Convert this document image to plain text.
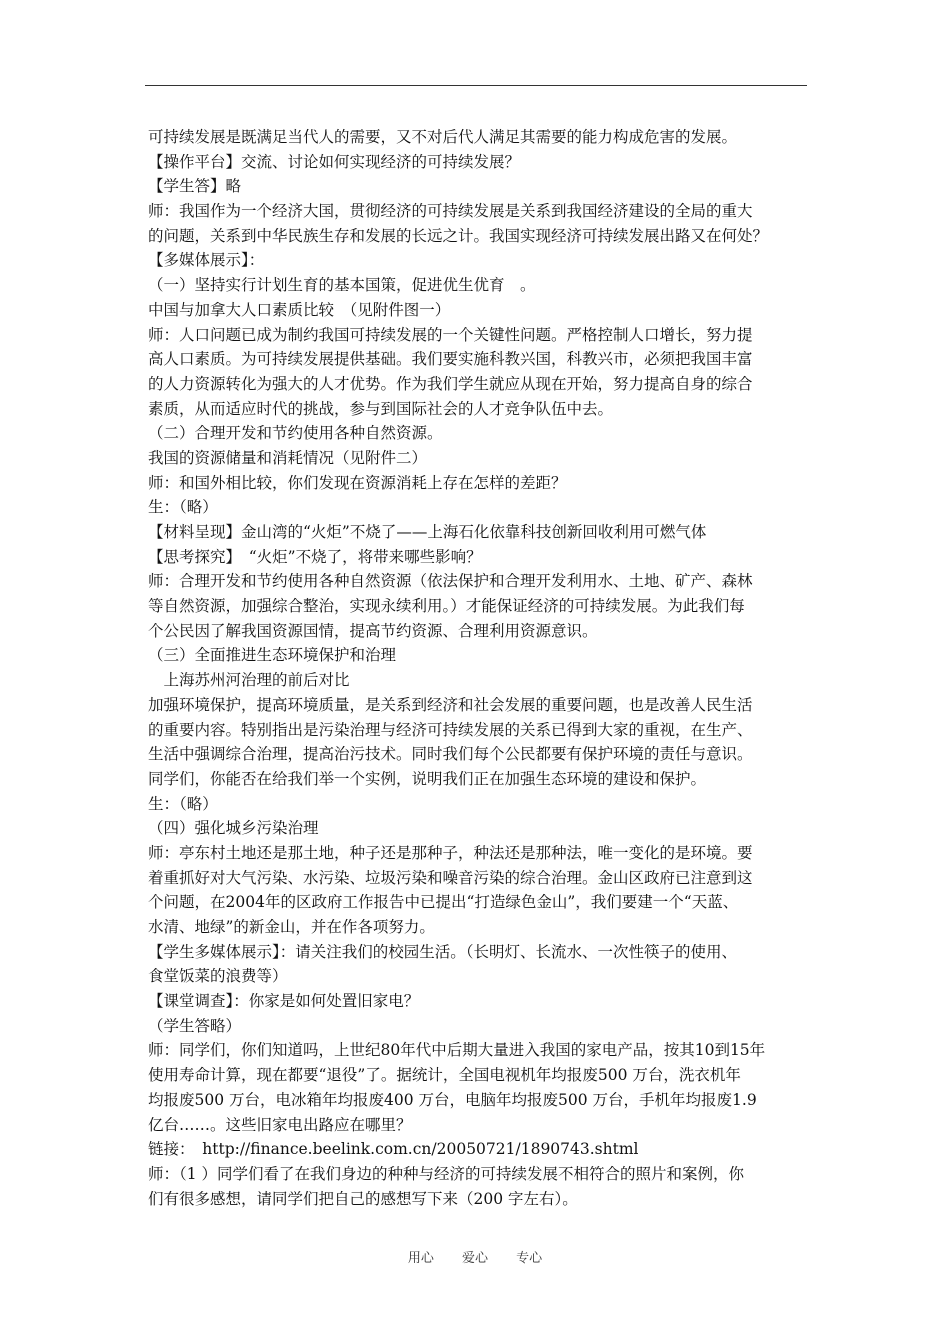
可持续发展是既满足当代人的需要，又不对后代人满足其需要的能力构成危害的发展。
【操作平台】交流、讨论如何实现经济的可持续发展？
【学生答】略
师：我国作为一个经济大国，贯彻经济的可持续发展是关系到我国经济建设的全局的重大
的问题，关系到中华民族生存和发展的长远之计。我国实现经济可持续发展出路又在何处？
【多媒体展示】：
（一）坚持实行计划生育的基本国策，促进优生优育　。
中国与加拿大人口素质比较　（见附件图一）
师：人口问题已成为制约我国可持续发展的一个关键性问题。严格控制人口增长，努力提
高人口素质。为可持续发展提供基础。我们要实施科教兴国，科教兴市，必须把我国丰富
的人力资源转化为强大的人才优势。作为我们学生就应从现在开始，努力提高自身的综合
素质，从而适应时代的挑战，参与到国际社会的人才竞争队伍中去。
（二）合理开发和节约使用各种自然资源。
我国的资源储量和消耗情况（见附件二）
师：和国外相比较，你们发现在资源消耗上存在怎样的差距？
生：（略）
【材料呈现】金山湾的“火炬”不烧了——上海石化依靠科技创新回收利用可燃气体
【思考探究】　“火炬”不烧了，将带来哪些影响？
师：合理开发和节约使用各种自然资源（依法保护和合理开发利用水、土地、矿产、森林
等自然资源，加强综合整治，实现永续利用。）才能保证经济的可持续发展。为此我们每
个公民因了解我国资源国情，提高节约资源、合理利用资源意识。
（三）全面推进生态环境保护和治理
　上海苏州河治理的前后对比
加强环境保护，提高环境质量，是关系到经济和社会发展的重要问题，也是改善人民生活
的重要内容。特别指出是污染治理与经济可持续发展的关系已得到大家的重视，在生产、
生活中强调综合治理，提高治污技术。同时我们每个公民都要有保护环境的责任与意识。
同学们，你能否在给我们举一个实例，说明我们正在加强生态环境的建设和保护。
生：（略）
（四）强化城乡污染治理
师：亭东村土地还是那土地，种子还是那种子，种法还是那种法，唯一变化的是环境。要
着重抓好对大气污染、水污染、垃圾污染和噪音污染的综合治理。金山区政府已注意到这
个问题，在2004年的区政府工作报告中已提出“打造绿色金山”，我们要建一个“天蓝、
水清、地绿”的新金山，并在作各项努力。
【学生多媒体展示】：请关注我们的校园生活。（长明灯、长流水、一次性筷子的使用、
食堂饭菜的浪费等）
【课堂调查】：你家是如何处置旧家电？
（学生答略）
师：同学们，你们知道吗，上世纪80年代中后期大量进入我国的家电产品，按其10到15年
使用寿命计算，现在都要“退役”了。据统计，全国电视机年均报废500 万台，洗衣机年
均报废500 万台，电冰箱年均报废400 万台，电脑年均报废500 万台，手机年均报废1.9
亿台……。这些旧家电出路应在哪里？
链接：　http://finance.beelink.com.cn/20050721/1890743.shtml
师：（1 ）同学们看了在我们身边的种种与经济的可持续发展不相符合的照片和案例，你
们有很多感想，请同学们把自己的感想写下来（200 字左右）。
用心 爱心 专心
